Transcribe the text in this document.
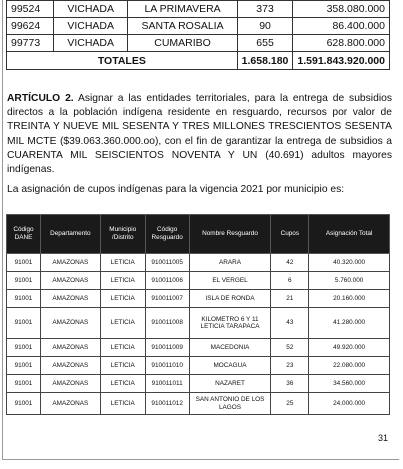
99524	VICHADA	LA PRIMAVERA	373	358.080.000
99624	VICHADA	SANTA ROSALIA	90	86.400.000
99773	VICHADA	CUMARIBO	655	628.800.000
TOTALES			1.658.180	1.591.843.920.000
ARTÍCULO 2. Asignar a las entidades territoriales, para la entrega de subsidios directos a la población indígena residente en resguardo, recursos por valor de TREINTA Y NUEVE MIL SESENTA Y TRES MILLONES TRESCIENTOS SESENTA MIL MCTE ($39.063.360.000.oo), con el fin de garantizar la entrega de subsidios a CUARENTA MIL SEISCIENTOS NOVENTA Y UN (40.691) adultos mayores indígenas.
La asignación de cupos indígenas para la vigencia 2021 por municipio es:
Código DANE	Departamento	Municipio /Distrito	Código Resguardo	Nombre Resguardo	Cupos	Asignación Total
91001	AMAZONAS	LETICIA	910011005	ARARA	42	40.320.000
91001	AMAZONAS	LETICIA	910011006	EL VERGEL	6	5.760.000
91001	AMAZONAS	LETICIA	910011007	ISLA DE RONDA	21	20.160.000
91001	AMAZONAS	LETICIA	910011008	KILOMETRO 6 Y 11 LETICIA TARAPACA	43	41.280.000
91001	AMAZONAS	LETICIA	910011009	MACEDONIA	52	49.920.000
91001	AMAZONAS	LETICIA	910011010	MOCAGUA	23	22.080.000
91001	AMAZONAS	LETICIA	910011011	NAZARET	36	34.560.000
91001	AMAZONAS	LETICIA	910011012	SAN ANTONIO DE LOS LAGOS	25	24.000.000
31
